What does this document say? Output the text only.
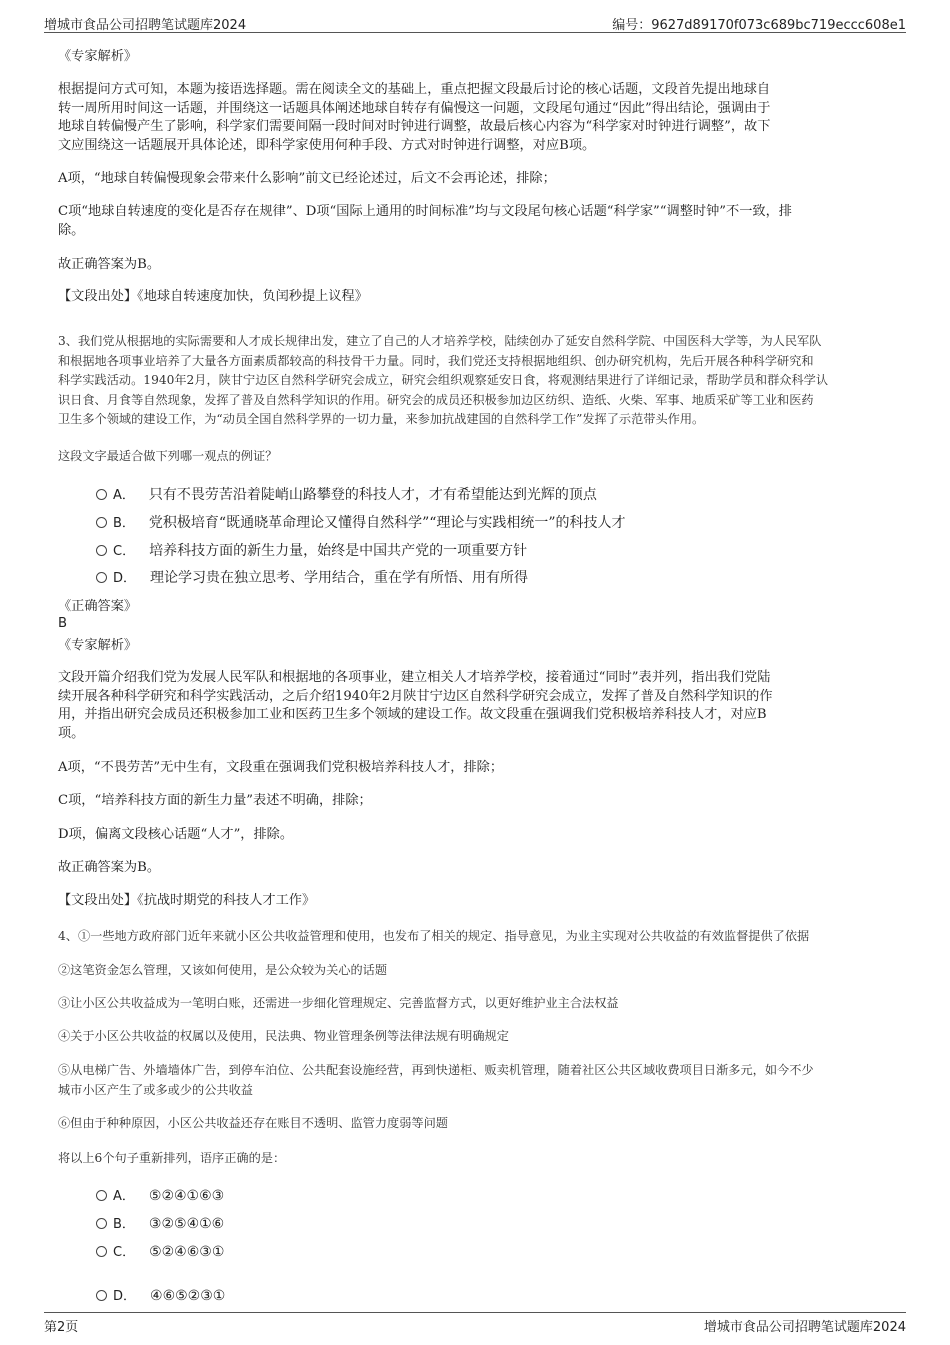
增城市食品公司招聘笔试题库2024	编号：9627d89170f073c689bc719eccc608e1
《专家解析》
根据提问方式可知，本题为接语选择题。需在阅读全文的基础上，重点把握文段最后讨论的核心话题，文段首先提出地球自
转一周所用时间这一话题，并围绕这一话题具体阐述地球自转存有偏慢这一问题，文段尾句通过“因此”得出结论，强调由于
地球自转偏慢产生了影响，科学家们需要间隔一段时间对时钟进行调整，故最后核心内容为“科学家对时钟进行调整”，故下
文应围绕这一话题展开具体论述，即科学家使用何种手段、方式对时钟进行调整，对应B项。
A项，“地球自转偏慢现象会带来什么影响”前文已经论述过，后文不会再论述，排除；
C项“地球自转速度的变化是否存在规律”、D项“国际上通用的时间标准”均与文段尾句核心话题“科学家”“调整时钟”不一致，排
除。
故正确答案为B。
【文段出处】《地球自转速度加快，负闰秒提上议程》
3、我们党从根据地的实际需要和人才成长规律出发，建立了自己的人才培养学校，陆续创办了延安自然科学院、中国医科大学等，为人民军队
和根据地各项事业培养了大量各方面素质都较高的科技骨干力量。同时，我们党还支持根据地组织、创办研究机构，先后开展各种科学研究和
科学实践活动。1940年2月，陕甘宁边区自然科学研究会成立，研究会组织观察延安日食，将观测结果进行了详细记录，帮助学员和群众科学认
识日食、月食等自然现象，发挥了普及自然科学知识的作用。研究会的成员还积极参加边区纺织、造纸、火柴、军事、地质采矿等工业和医药
卫生多个领域的建设工作，为“动员全国自然科学界的一切力量，来参加抗战建国的自然科学工作”发挥了示范带头作用。
这段文字最适合做下列哪一观点的例证？
A． 只有不畏劳苦沿着陡峭山路攀登的科技人才，才有希望能达到光辉的顶点
B． 党积极培育“既通晓革命理论又懂得自然科学”“理论与实践相统一”的科技人才
C． 培养科技方面的新生力量，始终是中国共产党的一项重要方针
D． 理论学习贵在独立思考、学用结合，重在学有所悟、用有所得
《正确答案》
B
《专家解析》
文段开篇介绍我们党为发展人民军队和根据地的各项事业，建立相关人才培养学校，接着通过“同时”表并列，指出我们党陆
续开展各种科学研究和科学实践活动，之后介绍1940年2月陕甘宁边区自然科学研究会成立，发挥了普及自然科学知识的作
用，并指出研究会成员还积极参加工业和医药卫生多个领域的建设工作。故文段重在强调我们党积极培养科技人才，对应B
项。
A项，“不畏劳苦”无中生有，文段重在强调我们党积极培养科技人才，排除；
C项，“培养科技方面的新生力量”表述不明确，排除；
D项，偏离文段核心话题“人才”，排除。
故正确答案为B。
【文段出处】《抗战时期党的科技人才工作》
4、①一些地方政府部门近年来就小区公共收益管理和使用，也发布了相关的规定、指导意见，为业主实现对公共收益的有效监督提供了依据
②这笔资金怎么管理，又该如何使用，是公众较为关心的话题
③让小区公共收益成为一笔明白账，还需进一步细化管理规定、完善监督方式，以更好维护业主合法权益
④关于小区公共收益的权属以及使用，民法典、物业管理条例等法律法规有明确规定
⑤从电梯广告、外墙墙体广告，到停车泊位、公共配套设施经营，再到快递柜、贩卖机管理，随着社区公共区域收费项目日渐多元，如今不少
城市小区产生了或多或少的公共收益
⑥但由于种种原因，小区公共收益还存在账目不透明、监管力度弱等问题
将以上6个句子重新排列，语序正确的是：
A． ⑤②④①⑥③
B． ③②⑤④①⑥
C． ⑤②④⑥③①
D． ④⑥⑤②③①
第2页	增城市食品公司招聘笔试题库2024
